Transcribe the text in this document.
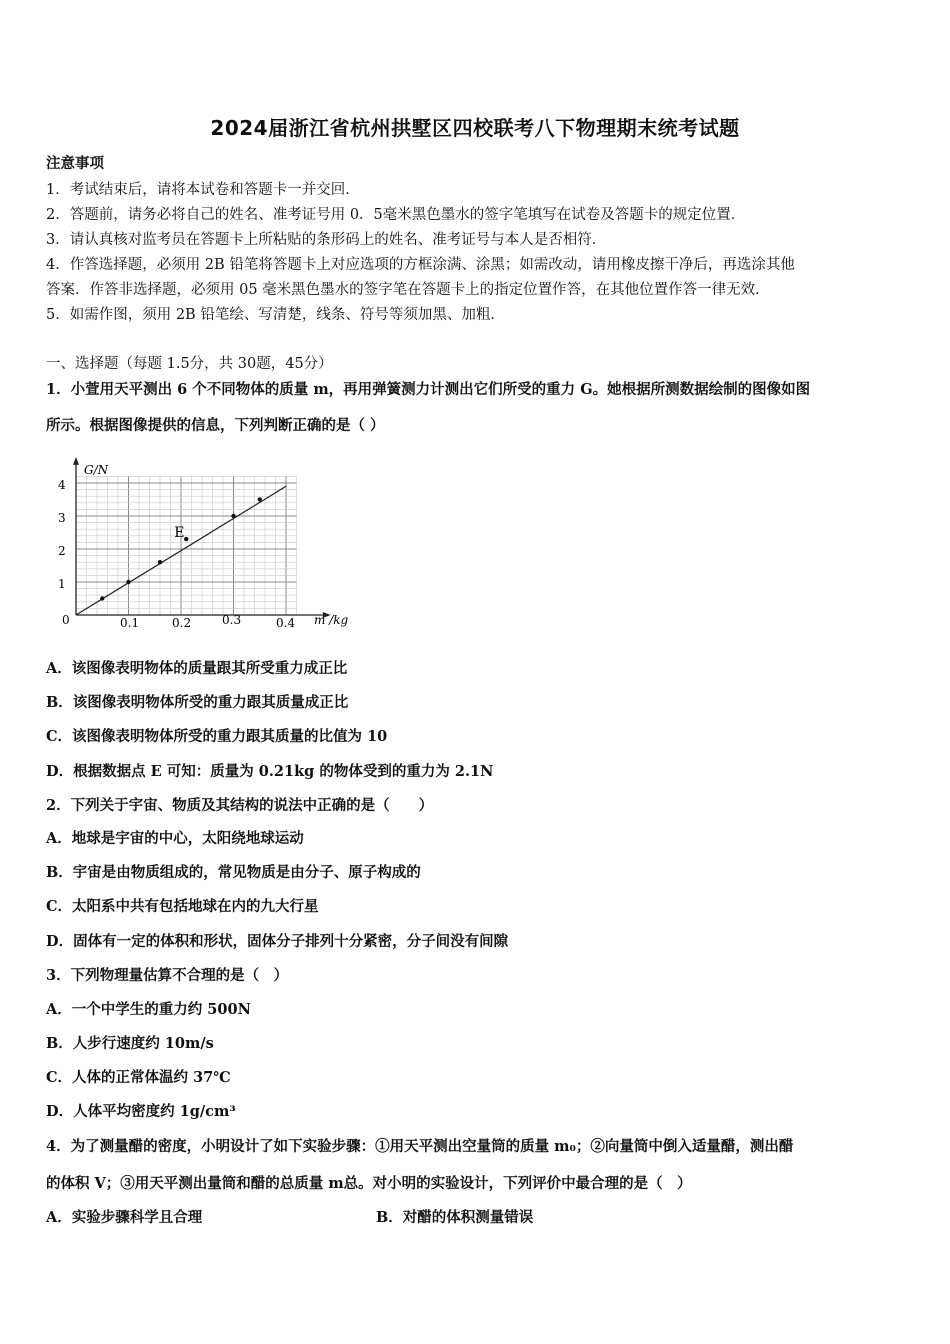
2024届浙江省杭州拱墅区四校联考八下物理期末统考试题
注意事项
1．考试结束后，请将本试卷和答题卡一并交回．
2．答题前，请务必将自己的姓名、准考证号用 0．5毫米黑色墨水的签字笔填写在试卷及答题卡的规定位置．
3．请认真核对监考员在答题卡上所粘贴的条形码上的姓名、准考证号与本人是否相符．
4．作答选择题，必须用 2B 铅笔将答题卡上对应选项的方框涂满、涂黑；如需改动，请用橡皮擦干净后，再选涂其他
答案．作答非选择题，必须用 05 毫米黑色墨水的签字笔在答题卡上的指定位置作答，在其他位置作答一律无效．
5．如需作图，须用 2B 铅笔绘、写清楚，线条、符号等须加黑、加粗．
一、选择题（每题 1.5分，共 30题，45分）
1．小萱用天平测出 6 个不同物体的质量 m，再用弹簧测力计测出它们所受的重力 G。她根据所测数据绘制的图像如图
所示。根据图像提供的信息，下列判断正确的是（ ）
G/N
m /kg
0	0.1	0.2	0.3	0.4
1
2
3
4
E
A．该图像表明物体的质量跟其所受重力成正比
B．该图像表明物体所受的重力跟其质量成正比
C．该图像表明物体所受的重力跟其质量的比值为 10
D．根据数据点 E 可知：质量为 0.21kg 的物体受到的重力为 2.1N
2．下列关于宇宙、物质及其结构的说法中正确的是（　　）
A．地球是宇宙的中心，太阳绕地球运动
B．宇宙是由物质组成的，常见物质是由分子、原子构成的
C．太阳系中共有包括地球在内的九大行星
D．固体有一定的体积和形状，固体分子排列十分紧密，分子间没有间隙
3．下列物理量估算不合理的是（　）
A．一个中学生的重力约 500N
B．人步行速度约 10m/s
C．人体的正常体温约 37℃
D．人体平均密度约 1g/cm³
4．为了测量醋的密度，小明设计了如下实验步骤：①用天平测出空量筒的质量 m₀；②向量筒中倒入适量醋，测出醋
的体积 V；③用天平测出量筒和醋的总质量 m总。对小明的实验设计，下列评价中最合理的是（　）
A．实验步骤科学且合理	B．对醋的体积测量错误
